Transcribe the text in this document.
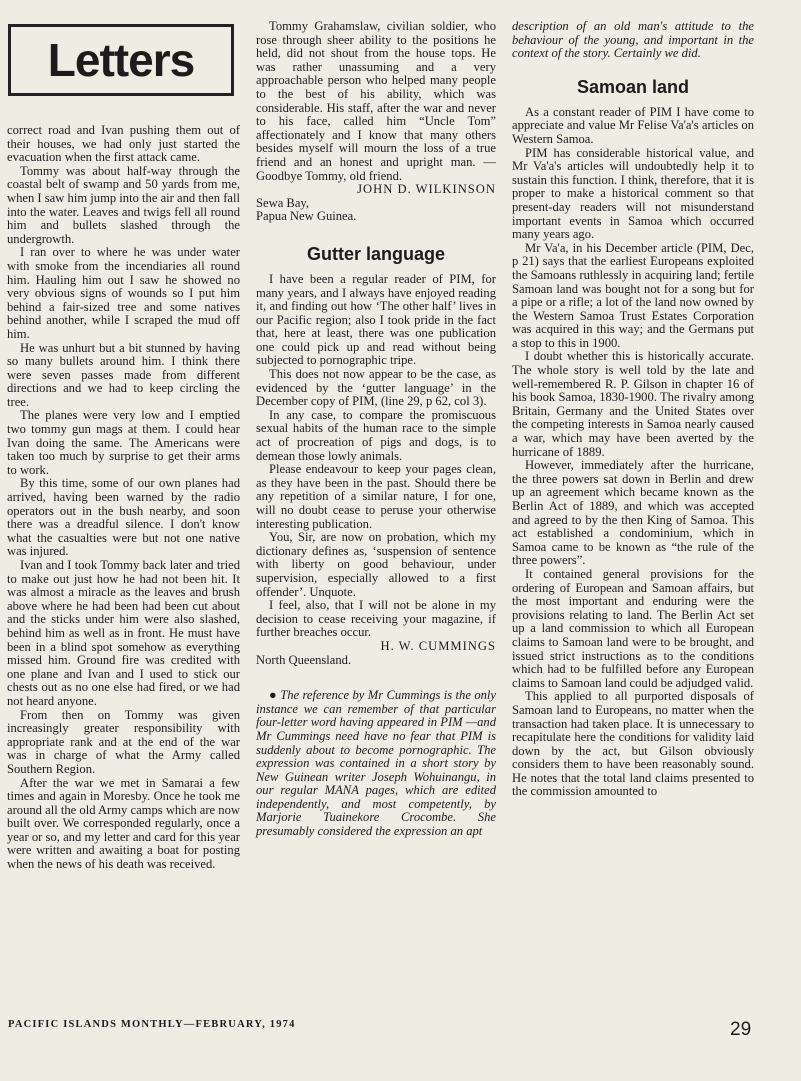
Letters

correct road and Ivan pushing them out of their houses, we had only just started the evacuation when the first attack came.

Tommy was about half-way through the coastal belt of swamp and 50 yards from me, when I saw him jump into the air and then fall into the water. Leaves and twigs fell all round him and bullets slashed through the undergrowth.

I ran over to where he was under water with smoke from the incendiaries all round him. Hauling him out I saw he showed no very obvious signs of wounds so I put him behind a fair-sized tree and some natives behind another, while I scraped the mud off him.

He was unhurt but a bit stunned by having so many bullets around him. I think there were seven passes made from different directions and we had to keep circling the tree.

The planes were very low and I emptied two tommy gun mags at them. I could hear Ivan doing the same. The Americans were taken too much by surprise to get their arms to work.

By this time, some of our own planes had arrived, having been warned by the radio operators out in the bush nearby, and soon there was a dreadful silence. I don't know what the casualties were but not one native was injured.

Ivan and I took Tommy back later and tried to make out just how he had not been hit. It was almost a miracle as the leaves and brush above where he had been had been cut about and the sticks under him were also slashed, behind him as well as in front. He must have been in a blind spot somehow as everything missed him. Ground fire was credited with one plane and Ivan and I used to stick our chests out as no one else had fired, or we had not heard anyone.

From then on Tommy was given increasingly greater responsibility with appropriate rank and at the end of the war was in charge of what the Army called Southern Region.

After the war we met in Samarai a few times and again in Moresby. Once he took me around all the old Army camps which are now built over. We corresponded regularly, once a year or so, and my letter and card for this year were written and awaiting a boat for posting when the news of his death was received.

Tommy Grahamslaw, civilian soldier, who rose through sheer ability to the positions he held, did not shout from the house tops. He was rather unassuming and a very approachable person who helped many people to the best of his ability, which was considerable. His staff, after the war and never to his face, called him “Uncle Tom” affectionately and I know that many others besides myself will mourn the loss of a true friend and an honest and upright man. —Goodbye Tommy, old friend.

JOHN D. WILKINSON

Sewa Bay,

Papua New Guinea.

Gutter language

I have been a regular reader of PIM, for many years, and I always have enjoyed reading it, and finding out how ‘The other half’ lives in our Pacific region; also I took pride in the fact that, here at least, there was one publication one could pick up and read without being subjected to pornographic tripe.

This does not now appear to be the case, as evidenced by the ‘gutter language’ in the December copy of PIM, (line 29, p 62, col 3).

In any case, to compare the promiscuous sexual habits of the human race to the simple act of procreation of pigs and dogs, is to demean those lowly animals.

Please endeavour to keep your pages clean, as they have been in the past. Should there be any repetition of a similar nature, I for one, will no doubt cease to peruse your otherwise interesting publication.

You, Sir, are now on probation, which my dictionary defines as, ‘suspension of sentence with liberty on good behaviour, under supervision, especially allowed to a first offender’. Unquote.

I feel, also, that I will not be alone in my decision to cease receiving your magazine, if further breaches occur.

H. W. CUMMINGS

North Queensland.

● The reference by Mr Cummings is the only instance we can remember of that particular four-letter word having appeared in PIM —and Mr Cummings need have no fear that PIM is suddenly about to become pornographic. The expression was contained in a short story by New Guinean writer Joseph Wohuinangu, in our regular MANA pages, which are edited independently, and most competently, by Marjorie Tuainekore Crocombe. She presumably considered the expression an apt

description of an old man's attitude to the behaviour of the young, and important in the context of the story. Certainly we did.

Samoan land

As a constant reader of PIM I have come to appreciate and value Mr Felise Va'a's articles on Western Samoa.

PIM has considerable historical value, and Mr Va'a's articles will undoubtedly help it to sustain this function. I think, therefore, that it is proper to make a historical comment so that present-day readers will not misunderstand important events in Samoa which occurred many years ago.

Mr Va'a, in his December article (PIM, Dec, p 21) says that the earliest Europeans exploited the Samoans ruthlessly in acquiring land; fertile Samoan land was bought not for a song but for a pipe or a rifle; a lot of the land now owned by the Western Samoa Trust Estates Corporation was acquired in this way; and the Germans put a stop to this in 1900.

I doubt whether this is historically accurate. The whole story is well told by the late and well-remembered R. P. Gilson in chapter 16 of his book Samoa, 1830-1900. The rivalry among Britain, Germany and the United States over the competing interests in Samoa nearly caused a war, which may have been averted by the hurricane of 1889.

However, immediately after the hurricane, the three powers sat down in Berlin and drew up an agreement which became known as the Berlin Act of 1889, and which was accepted and agreed to by the then King of Samoa. This act established a condominium, which in Samoa came to be known as “the rule of the three powers”.

It contained general provisions for the ordering of European and Samoan affairs, but the most important and enduring were the provisions relating to land. The Berlin Act set up a land commission to which all European claims to Samoan land were to be brought, and issued strict instructions as to the conditions which had to be fulfilled before any European claims to Samoan land could be adjudged valid.

This applied to all purported disposals of Samoan land to Europeans, no matter when the transaction had taken place. It is unnecessary to recapitulate here the conditions for validity laid down by the act, but Gilson obviously considers them to have been reasonably sound. He notes that the total land claims presented to the commission amounted to

PACIFIC ISLANDS MONTHLY—FEBRUARY, 1974	29
